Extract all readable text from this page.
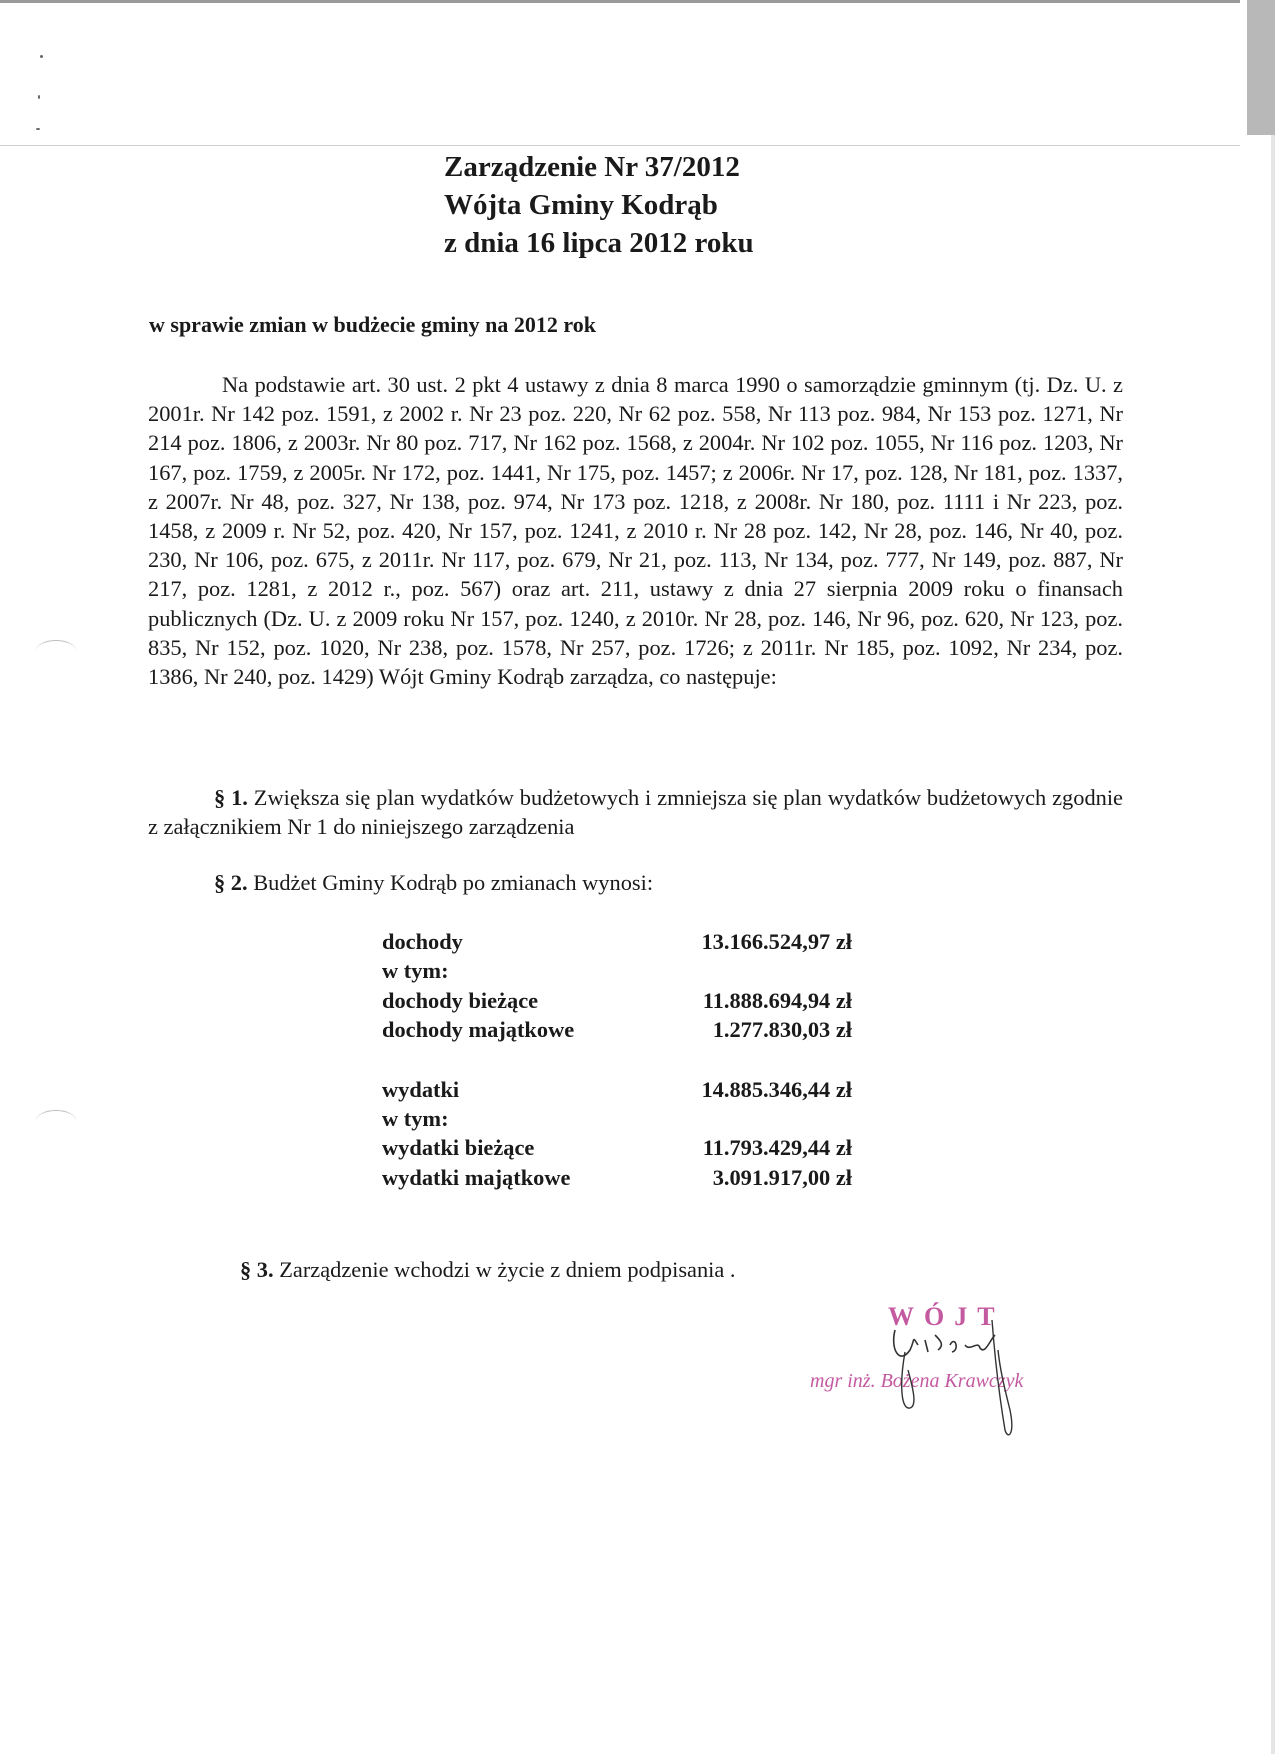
Zarządzenie Nr 37/2012
Wójta Gminy Kodrąb
z dnia 16 lipca 2012 roku
w sprawie zmian w budżecie gminy na 2012 rok
Na podstawie art. 30 ust. 2 pkt 4 ustawy z dnia 8 marca 1990 o samorządzie gminnym (tj. Dz. U. z 2001r. Nr 142 poz. 1591, z 2002 r. Nr 23 poz. 220, Nr 62 poz. 558, Nr 113 poz. 984, Nr 153 poz. 1271, Nr 214 poz. 1806, z 2003r. Nr 80 poz. 717, Nr 162 poz. 1568, z 2004r. Nr 102 poz. 1055, Nr 116 poz. 1203, Nr 167, poz. 1759, z 2005r. Nr 172, poz. 1441, Nr 175, poz. 1457; z 2006r. Nr 17, poz. 128, Nr 181, poz. 1337, z 2007r. Nr 48, poz. 327, Nr 138, poz. 974, Nr 173 poz. 1218, z 2008r. Nr 180, poz. 1111 i Nr 223, poz. 1458, z 2009 r. Nr 52, poz. 420, Nr 157, poz. 1241, z 2010 r. Nr 28 poz. 142, Nr 28, poz. 146, Nr 40, poz. 230, Nr 106, poz. 675, z 2011r. Nr 117, poz. 679, Nr 21, poz. 113, Nr 134, poz. 777, Nr 149, poz. 887, Nr 217, poz. 1281, z 2012 r., poz. 567) oraz art. 211, ustawy z dnia 27 sierpnia 2009 roku o finansach publicznych (Dz. U. z 2009 roku Nr 157, poz. 1240, z 2010r. Nr 28, poz. 146, Nr 96, poz. 620, Nr 123, poz. 835, Nr 152, poz. 1020, Nr 238, poz. 1578, Nr 257, poz. 1726; z 2011r. Nr 185, poz. 1092, Nr 234, poz. 1386, Nr 240, poz. 1429) Wójt Gminy Kodrąb zarządza, co następuje:
§ 1. Zwiększa się plan wydatków budżetowych i zmniejsza się plan wydatków budżetowych zgodnie z załącznikiem Nr 1 do niniejszego zarządzenia
§ 2. Budżet Gminy Kodrąb po zmianach wynosi:
dochody	13.166.524,97 zł
w tym:
dochody bieżące	11.888.694,94 zł
dochody majątkowe	1.277.830,03 zł
wydatki	14.885.346,44 zł
w tym:
wydatki bieżące	11.793.429,44 zł
wydatki majątkowe	3.091.917,00 zł
§ 3. Zarządzenie wchodzi w życie z dniem podpisania .
WÓJT
mgr inż. Bożena Krawczyk
